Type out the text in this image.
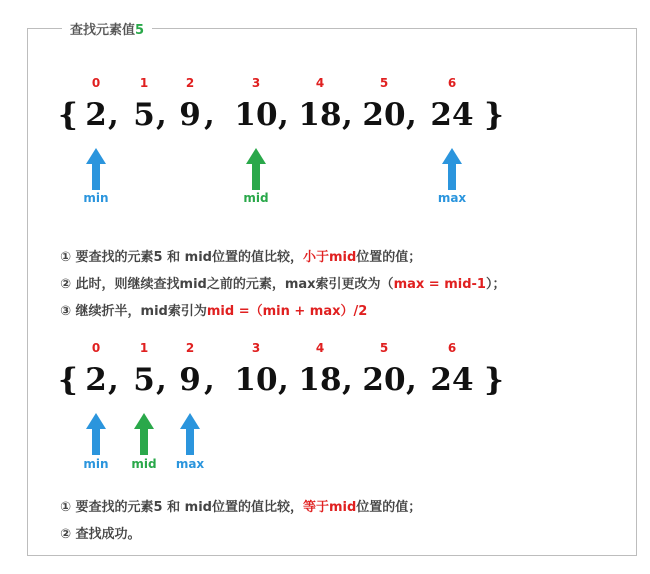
查找元素值5
0	1	2	3	4	5	6
{	}
2 5 9 10 18 20 24
, , , , , ,
min	mid	max
① 要查找的元素5 和 mid位置的值比较，小于mid位置的值；
② 此时，则继续查找mid之前的元素，max索引更改为（max = mid-1）；
③ 继续折半，mid索引为mid =（min + max）/2
0	1	2	3	4	5	6
{	}
2 5 9 10 18 20 24
, , , , , ,
min mid max
① 要查找的元素5 和 mid位置的值比较，等于mid位置的值；
② 查找成功。
